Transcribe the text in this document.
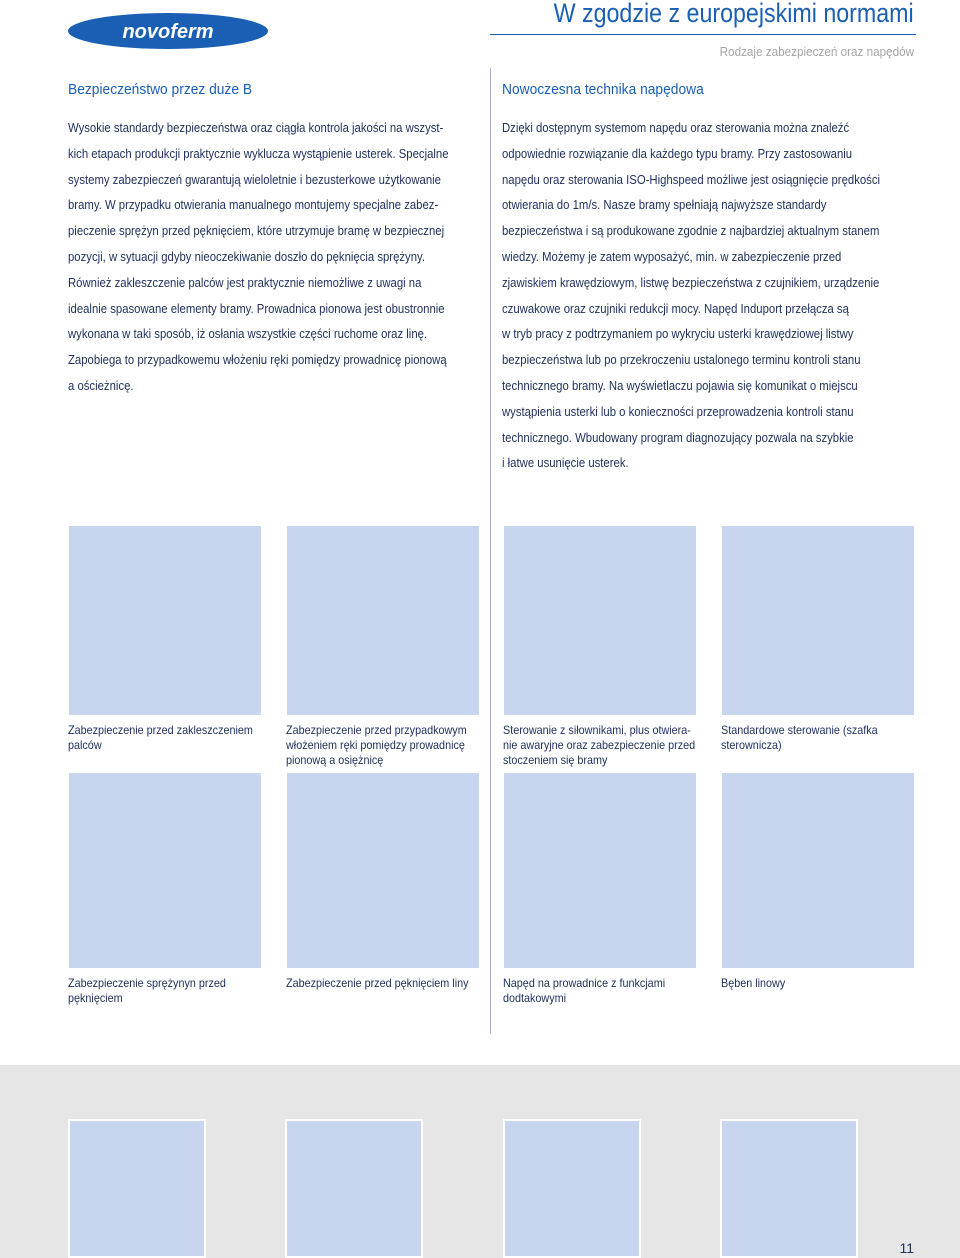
novoferm
W zgodzie z europejskimi normami
Rodzaje zabezpieczeń oraz napędów
Bezpieczeństwo przez duże B
Wysokie standardy bezpieczeństwa oraz ciągła kontrola jakości na wszyst-
kich etapach produkcji praktycznie wyklucza wystąpienie usterek. Specjalne
systemy zabezpieczeń gwarantują wieloletnie i bezusterkowe użytkowanie
bramy. W przypadku otwierania manualnego montujemy specjalne zabez-
pieczenie sprężyn przed pęknięciem, które utrzymuje bramę w bezpiecznej
pozycji, w sytuacji gdyby nieoczekiwanie doszło do pęknięcia sprężyny.
Również zakleszczenie palców jest praktycznie niemożliwe z uwagi na
idealnie spasowane elementy bramy. Prowadnica pionowa jest obustronnie
wykonana w taki sposób, iż osłania wszystkie części ruchome oraz linę.
Zapobiega to przypadkowemu włożeniu ręki pomiędzy prowadnicę pionową
a ościeżnicę.
Nowoczesna technika napędowa
Dzięki dostępnym systemom napędu oraz sterowania można znaleźć
odpowiednie rozwiązanie dla każdego typu bramy. Przy zastosowaniu
napędu oraz sterowania ISO-Highspeed możliwe jest osiągnięcie prędkości
otwierania do 1m/s. Nasze bramy spełniają najwyższe standardy
bezpieczeństwa i są produkowane zgodnie z najbardziej aktualnym stanem
wiedzy. Możemy je zatem wyposażyć, min. w zabezpieczenie przed
zjawiskiem krawędziowym, listwę bezpieczeństwa z czujnikiem, urządzenie
czuwakowe oraz czujniki redukcji mocy. Napęd Induport przełącza są
w tryb pracy z podtrzymaniem po wykryciu usterki krawędziowej listwy
bezpieczeństwa lub po przekroczeniu ustalonego terminu kontroli stanu
technicznego bramy. Na wyświetlaczu pojawia się komunikat o miejscu
wystąpienia usterki lub o konieczności przeprowadzenia kontroli stanu
technicznego. Wbudowany program diagnozujący pozwala na szybkie
i łatwe usunięcie usterek.
Zabezpieczenie przed zakleszczeniem
palców
Zabezpieczenie przed przypadkowym
włożeniem ręki pomiędzy prowadnicę
pionową a osiężnicę
Sterowanie z siłownikami, plus otwiera-
nie awaryjne oraz zabezpieczenie przed
stoczeniem się bramy
Standardowe sterowanie (szafka
sterownicza)
Zabezpieczenie sprężynyn przed
pęknięciem
Zabezpieczenie przed pęknięciem liny	Napęd na prowadnice z funkcjami
dodtakowymi
Bęben linowy
11
